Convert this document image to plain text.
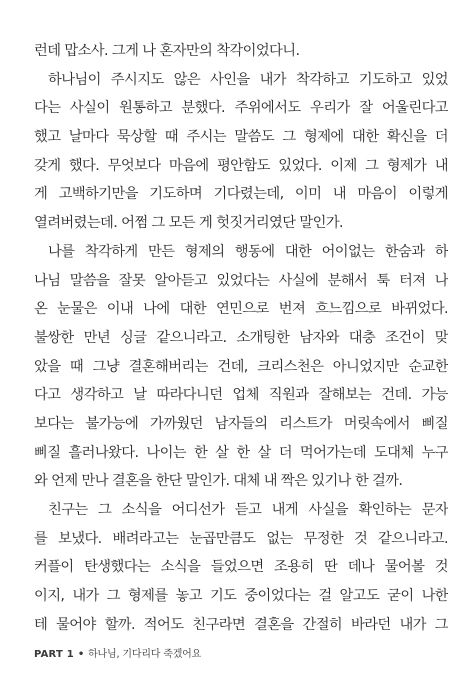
런데 맙소사. 그게 나 혼자만의 착각이었다니.
하나님이 주시지도 않은 사인을 내가 착각하고 기도하고 있었
다는 사실이 원통하고 분했다. 주위에서도 우리가 잘 어울린다고
했고 날마다 묵상할 때 주시는 말씀도 그 형제에 대한 확신을 더
갖게 했다. 무엇보다 마음에 평안함도 있었다. 이제 그 형제가 내
게 고백하기만을 기도하며 기다렸는데, 이미 내 마음이 이렇게
열려버렸는데. 어쩜 그 모든 게 헛짓거리였단 말인가.
나를 착각하게 만든 형제의 행동에 대한 어이없는 한숨과 하
나님 말씀을 잘못 알아듣고 있었다는 사실에 분해서 툭 터져 나
온 눈물은 이내 나에 대한 연민으로 번져 흐느낌으로 바뀌었다.
불쌍한 만년 싱글 같으니라고. 소개팅한 남자와 대충 조건이 맞
았을 때 그냥 결혼해버리는 건데, 크리스천은 아니었지만 순교한
다고 생각하고 날 따라다니던 업체 직원과 잘해보는 건데. 가능
보다는 불가능에 가까웠던 남자들의 리스트가 머릿속에서 삐질
삐질 흘러나왔다. 나이는 한 살 한 살 더 먹어가는데 도대체 누구
와 언제 만나 결혼을 한단 말인가. 대체 내 짝은 있기나 한 걸까.
친구는 그 소식을 어디선가 듣고 내게 사실을 확인하는 문자
를 보냈다. 배려라고는 눈곱만큼도 없는 무정한 것 같으니라고.
커플이 탄생했다는 소식을 들었으면 조용히 딴 데나 물어볼 것
이지, 내가 그 형제를 놓고 기도 중이었다는 걸 알고도 굳이 나한
테 물어야 할까. 적어도 친구라면 결혼을 간절히 바라던 내가 그
PART 1 • 하나님, 기다리다 죽겠어요
